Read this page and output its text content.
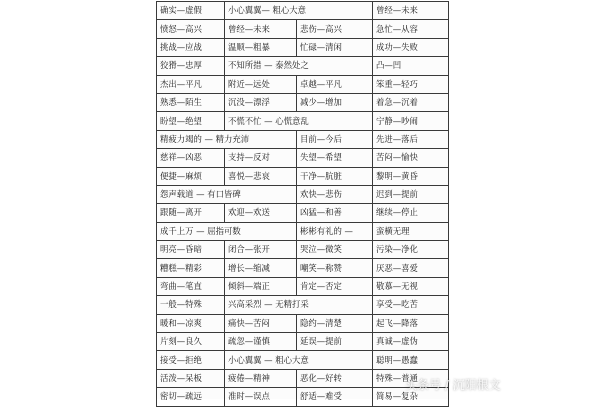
确实—虚假	小心翼翼— 粗心大意		曾经—未来
愤怒—高兴	曾经—未来	悲伤—高兴	急忙—从容
挑战—应战	温顺—粗暴	忙碌—清闲	成功—失败
狡猾—忠厚	不知所措 — 泰然处之		凸—凹
杰出—平凡	附近—远处	卓越—平凡	笨重—轻巧
熟悉—陌生	沉没—漂浮	减少—增加	着急—沉着
盼望—绝望	不慌不忙 — 心慌意乱		宁静—吵闹
精疲力竭的 — 精力充沛		目前—今后	先进—落后
慈祥—凶恶	支持—反对	失望—希望	苦闷—愉快
便捷—麻烦	喜悦—悲哀	干净—肮脏	黎明—黄昏
怨声载道 — 有口皆碑		欢快—悲伤	迟到—提前
跟随—离开	欢迎—欢送	凶猛—和善	继续—停止
成千上万 — 屈指可数		彬彬有礼的 —	蛮横无理
明亮—昏暗	闭合—张开	哭泣—微笑	污染—净化
糟糕—精彩	增长—缩减	嘲笑—称赞	厌恶—喜爱
弯曲—笔直	倾斜—端正	肯定—否定	敬慕—无视
一般—特殊	兴高采烈 — 无精打采		享受—吃苦
暖和—凉爽	痛快—苦闷	隐约—清楚	起飞—降落
片刻—良久	疏忽—谨慎	延误—提前	真诚—虚伪
接受—拒绝	小心翼翼 — 粗心大意		聪明—愚蠢
活泼—呆板	疲倦—精神	恶化—好转	特殊—普通
密切—疏远	准时—误点	舒适—难受	简易—复杂
头条号 / 沉阳根文
